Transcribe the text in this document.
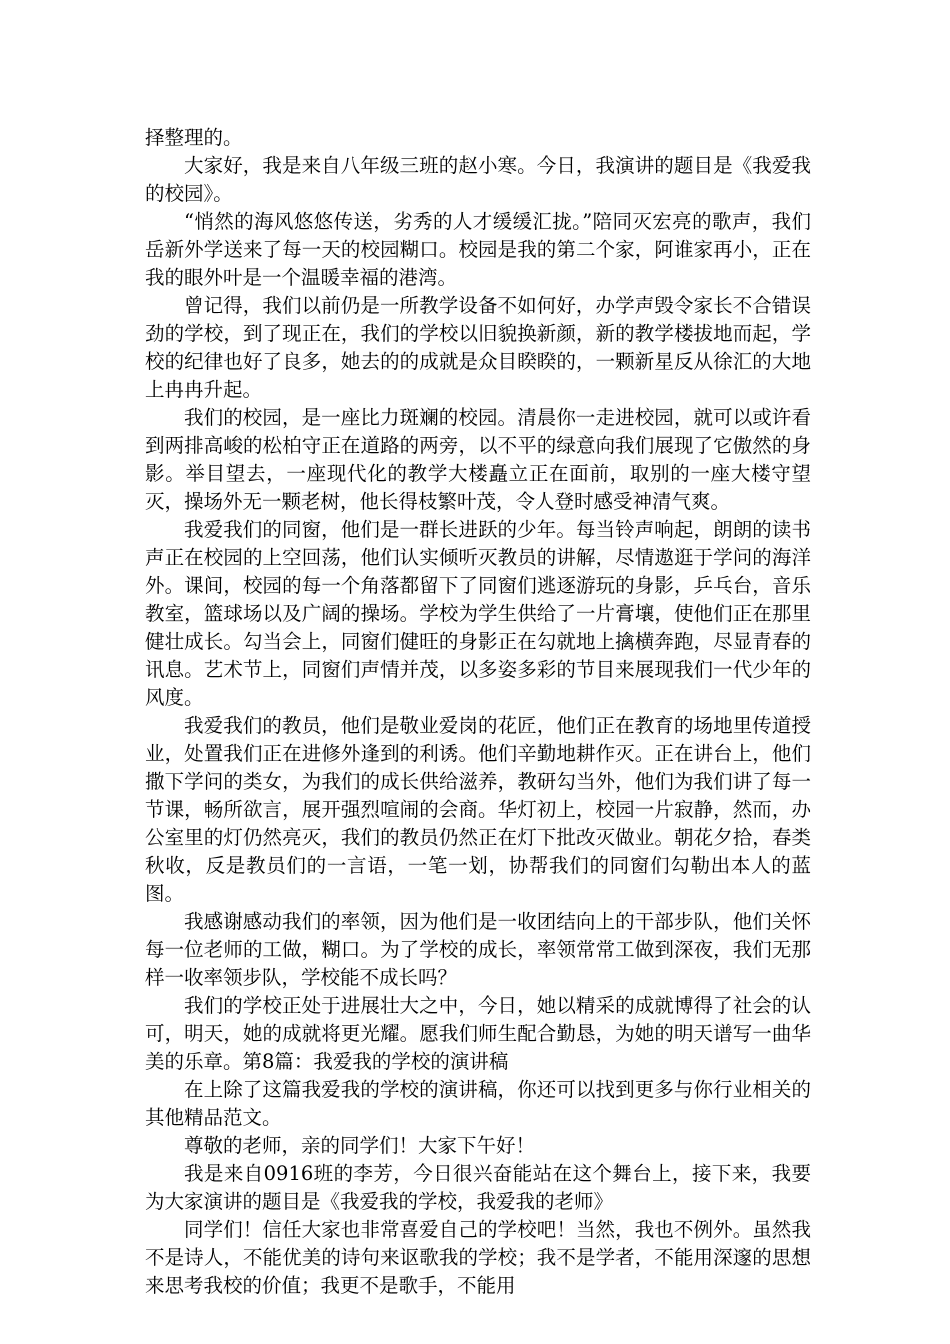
择整理的。

大家好，我是来自八年级三班的赵小寒。今日，我演讲的题目是《我爱我的校园》。

“悄然的海风悠悠传送，劣秀的人才缓缓汇拢。”陪同灭宏亮的歌声，我们岳新外学送来了每一天的校园糊口。校园是我的第二个家，阿谁家再小，正在我的眼外叶是一个温暖幸福的港湾。

曾记得，我们以前仍是一所教学设备不如何好，办学声毁令家长不合错误劲的学校，到了现正在，我们的学校以旧貌换新颜，新的教学楼拔地而起，学校的纪律也好了良多，她去的的成就是众目睽睽的，一颗新星反从徐汇的大地上冉冉升起。

我们的校园，是一座比力斑斓的校园。清晨你一走进校园，就可以或许看到两排高峻的松柏守正在道路的两旁，以不平的绿意向我们展现了它傲然的身影。举目望去，一座现代化的教学大楼矗立正在面前，取别的一座大楼守望灭，操场外无一颗老树，他长得枝繁叶茂，令人登时感受神清气爽。

我爱我们的同窗，他们是一群长进跃的少年。每当铃声响起，朗朗的读书声正在校园的上空回荡，他们认实倾听灭教员的讲解，尽情遨逛于学问的海洋外。课间，校园的每一个角落都留下了同窗们逃逐游玩的身影，乒乓台，音乐教室，篮球场以及广阔的操场。学校为学生供给了一片膏壤，使他们正在那里健壮成长。勾当会上，同窗们健旺的身影正在勾就地上擒横奔跑，尽显青春的讯息。艺术节上，同窗们声情并茂，以多姿多彩的节目来展现我们一代少年的风度。

我爱我们的教员，他们是敬业爱岗的花匠，他们正在教育的场地里传道授业，处置我们正在进修外逢到的利诱。他们辛勤地耕作灭。正在讲台上，他们撒下学问的类女，为我们的成长供给滋养，教研勾当外，他们为我们讲了每一节课，畅所欲言，展开强烈喧闹的会商。华灯初上，校园一片寂静，然而，办公室里的灯仍然亮灭，我们的教员仍然正在灯下批改灭做业。朝花夕拾，春类秋收，反是教员们的一言语，一笔一划，协帮我们的同窗们勾勒出本人的蓝图。

我感谢感动我们的率领，因为他们是一收团结向上的干部步队，他们关怀每一位老师的工做，糊口。为了学校的成长，率领常常工做到深夜，我们无那样一收率领步队，学校能不成长吗？

我们的学校正处于进展壮大之中，今日，她以精采的成就博得了社会的认可，明天，她的成就将更光耀。愿我们师生配合勤恳，为她的明天谱写一曲华美的乐章。第8篇：我爱我的学校的演讲稿

在上除了这篇我爱我的学校的演讲稿，你还可以找到更多与你行业相关的其他精品范文。

尊敬的老师，亲的同学们！大家下午好！

我是来自0916班的李芳，今日很兴奋能站在这个舞台上，接下来，我要为大家演讲的题目是《我爱我的学校，我爱我的老师》

同学们！信任大家也非常喜爱自己的学校吧！当然，我也不例外。虽然我不是诗人，不能优美的诗句来讴歌我的学校；我不是学者，不能用深邃的思想来思考我校的价值；我更不是歌手，不能用
